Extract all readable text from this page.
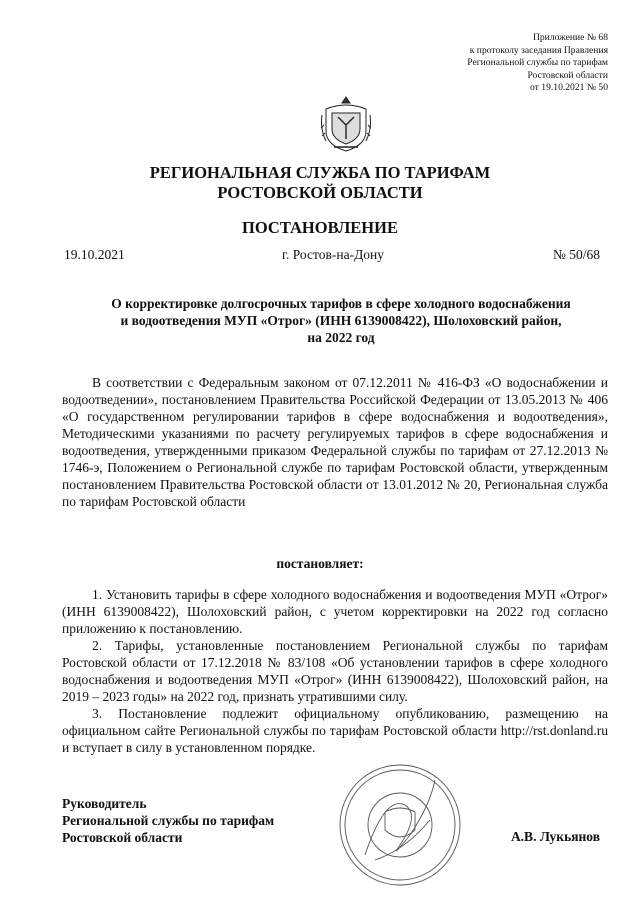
Приложение № 68
к протоколу заседания Правления
Региональной службы по тарифам
Ростовской области
от 19.10.2021 № 50
РЕГИОНАЛЬНАЯ СЛУЖБА ПО ТАРИФАМ
РОСТОВСКОЙ ОБЛАСТИ
ПОСТАНОВЛЕНИЕ
19.10.2021	г. Ростов-на-Дону	№ 50/68
О корректировке долгосрочных тарифов в сфере холодного водоснабжения
и водоотведения МУП «Отрог» (ИНН 6139008422), Шолоховский район,
на 2022 год
В соответствии с Федеральным законом от 07.12.2011 № 416-ФЗ «О водоснабжении и водоотведении», постановлением Правительства Российской Федерации от 13.05.2013 № 406 «О государственном регулировании тарифов в сфере водоснабжения и водоотведения», Методическими указаниями по расчету регулируемых тарифов в сфере водоснабжения и водоотведения, утвержденными приказом Федеральной службы по тарифам от 27.12.2013 № 1746-э, Положением о Региональной службе по тарифам Ростовской области, утвержденным постановлением Правительства Ростовской области от 13.01.2012 № 20, Региональная служба по тарифам Ростовской области
постановляет:

1. Установить тарифы в сфере холодного водоснабжения и водоотведения МУП «Отрог» (ИНН 6139008422), Шолоховский район, с учетом корректировки на 2022 год согласно приложению к постановлению.

2. Тарифы, установленные постановлением Региональной службы по тарифам Ростовской области от 17.12.2018 № 83/108 «Об установлении тарифов в сфере холодного водоснабжения и водоотведения МУП «Отрог» (ИНН 6139008422), Шолоховский район, на 2019 – 2023 годы» на 2022 год, признать утратившими силу.

3. Постановление подлежит официальному опубликованию, размещению на официальном сайте Региональной службы по тарифам Ростовской области http://rst.donland.ru и вступает в силу в установленном порядке.

Руководитель
Региональной службы по тарифам
Ростовской области	А.В. Лукьянов
